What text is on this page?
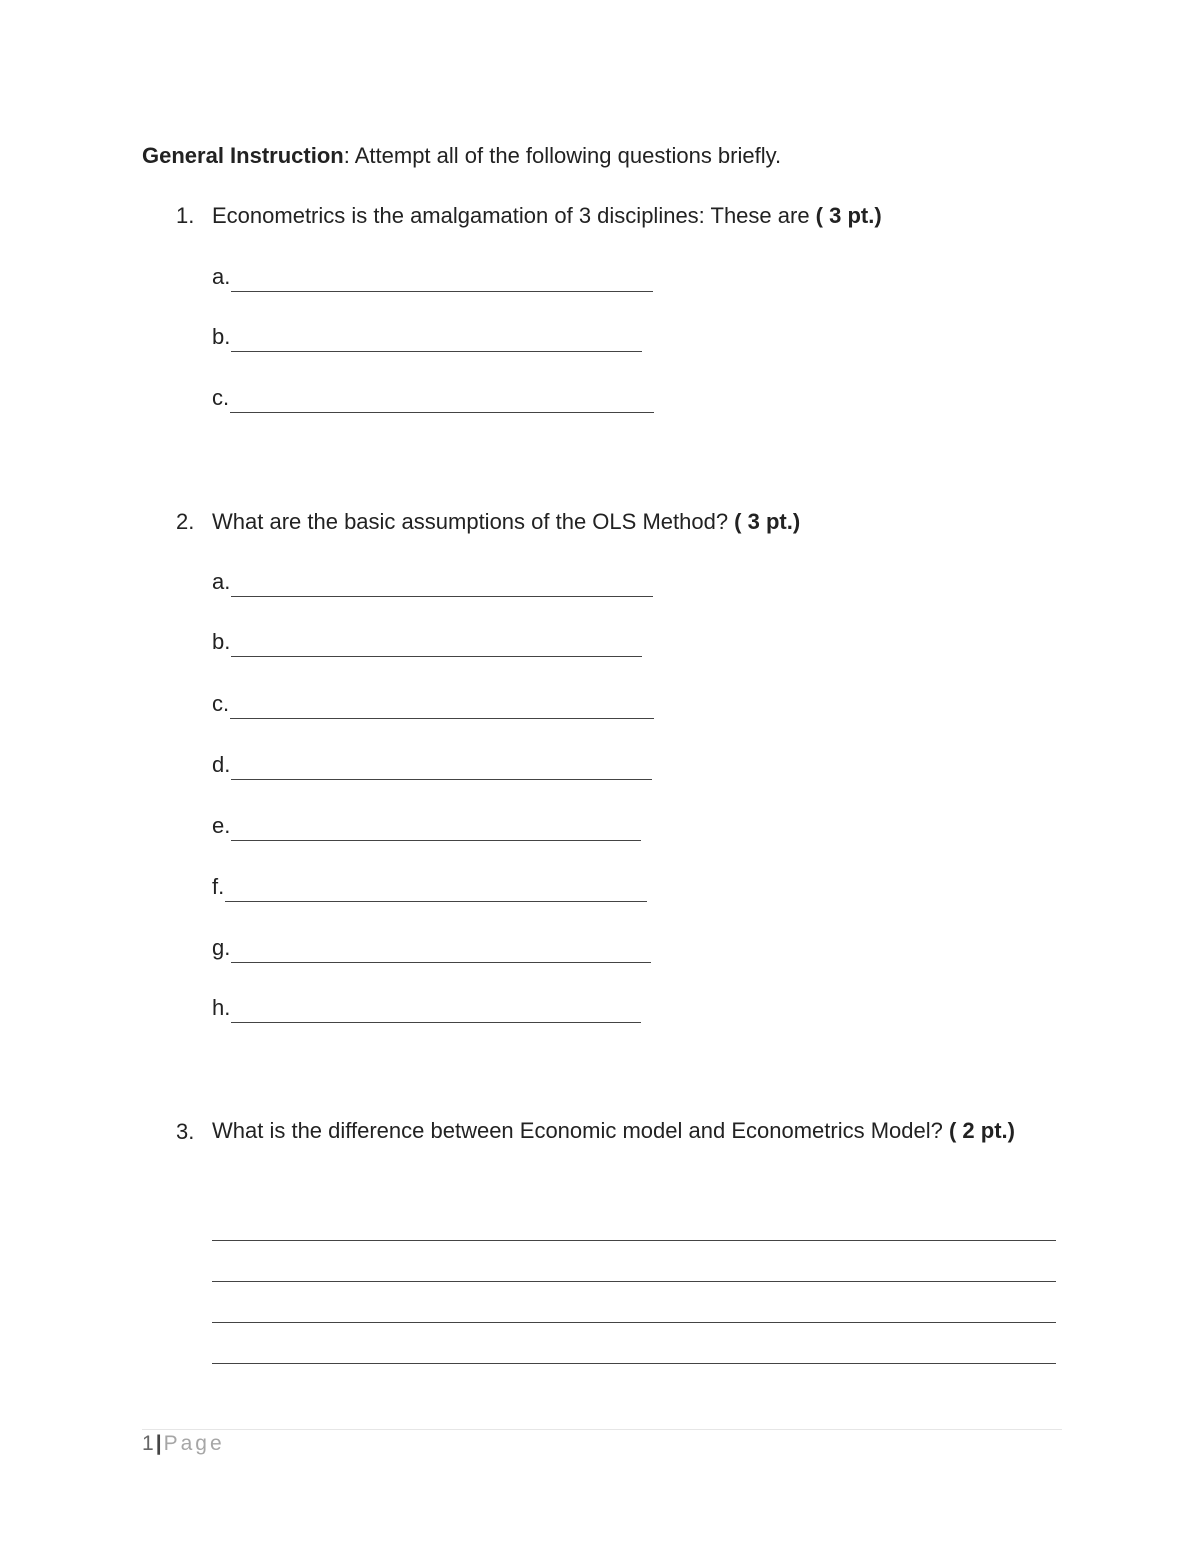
General Instruction: Attempt all of the following questions briefly.
1. Econometrics is the amalgamation of 3 disciplines: These are ( 3 pt.)
a.
b.
c.
2. What are the basic assumptions of the OLS Method? ( 3 pt.)
a.
b.
c.
d.
e.
f.
g.
h.
3. What is the difference between Economic model and Econometrics Model? ( 2 pt.)
1|Page
